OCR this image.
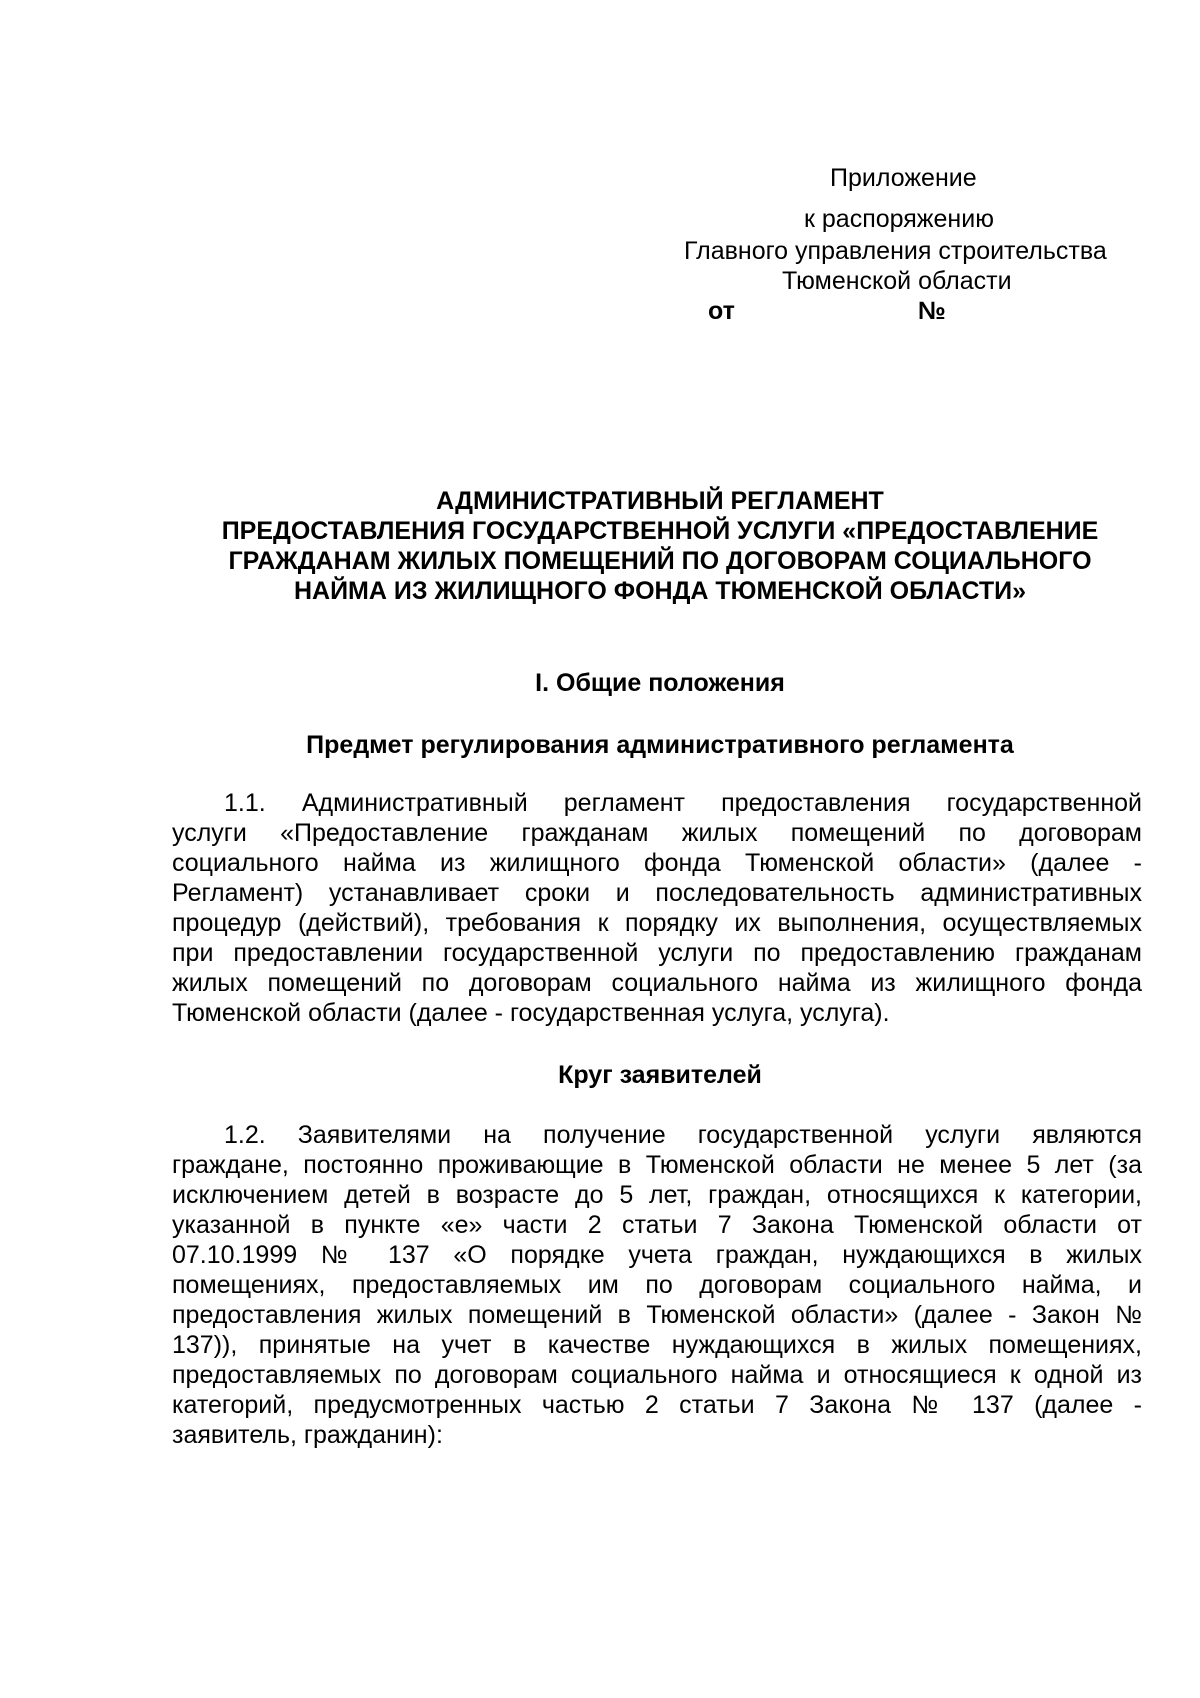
Приложение
к распоряжению
Главного управления строительства
Тюменской области
от	№
АДМИНИСТРАТИВНЫЙ РЕГЛАМЕНТ
ПРЕДОСТАВЛЕНИЯ ГОСУДАРСТВЕННОЙ УСЛУГИ «ПРЕДОСТАВЛЕНИЕ
ГРАЖДАНАМ ЖИЛЫХ ПОМЕЩЕНИЙ ПО ДОГОВОРАМ СОЦИАЛЬНОГО
НАЙМА ИЗ ЖИЛИЩНОГО ФОНДА ТЮМЕНСКОЙ ОБЛАСТИ»
I. Общие положения
Предмет регулирования административного регламента
1.1. Административный регламент предоставления государственной
услуги «Предоставление гражданам жилых помещений по договорам
социального найма из жилищного фонда Тюменской области» (далее -
Регламент) устанавливает сроки и последовательность административных
процедур (действий), требования к порядку их выполнения, осуществляемых
при предоставлении государственной услуги по предоставлению гражданам
жилых помещений по договорам социального найма из жилищного фонда
Тюменской области (далее - государственная услуга, услуга).
Круг заявителей
1.2. Заявителями на получение государственной услуги являются
граждане, постоянно проживающие в Тюменской области не менее 5 лет (за
исключением детей в возрасте до 5 лет, граждан, относящихся к категории,
указанной в пункте «е» части 2 статьи 7 Закона Тюменской области от
07.10.1999 № 137 «О порядке учета граждан, нуждающихся в жилых
помещениях, предоставляемых им по договорам социального найма, и
предоставления жилых помещений в Тюменской области» (далее - Закон №
137)), принятые на учет в качестве нуждающихся в жилых помещениях,
предоставляемых по договорам социального найма и относящиеся к одной из
категорий, предусмотренных частью 2 статьи 7 Закона № 137 (далее -
заявитель, гражданин):
